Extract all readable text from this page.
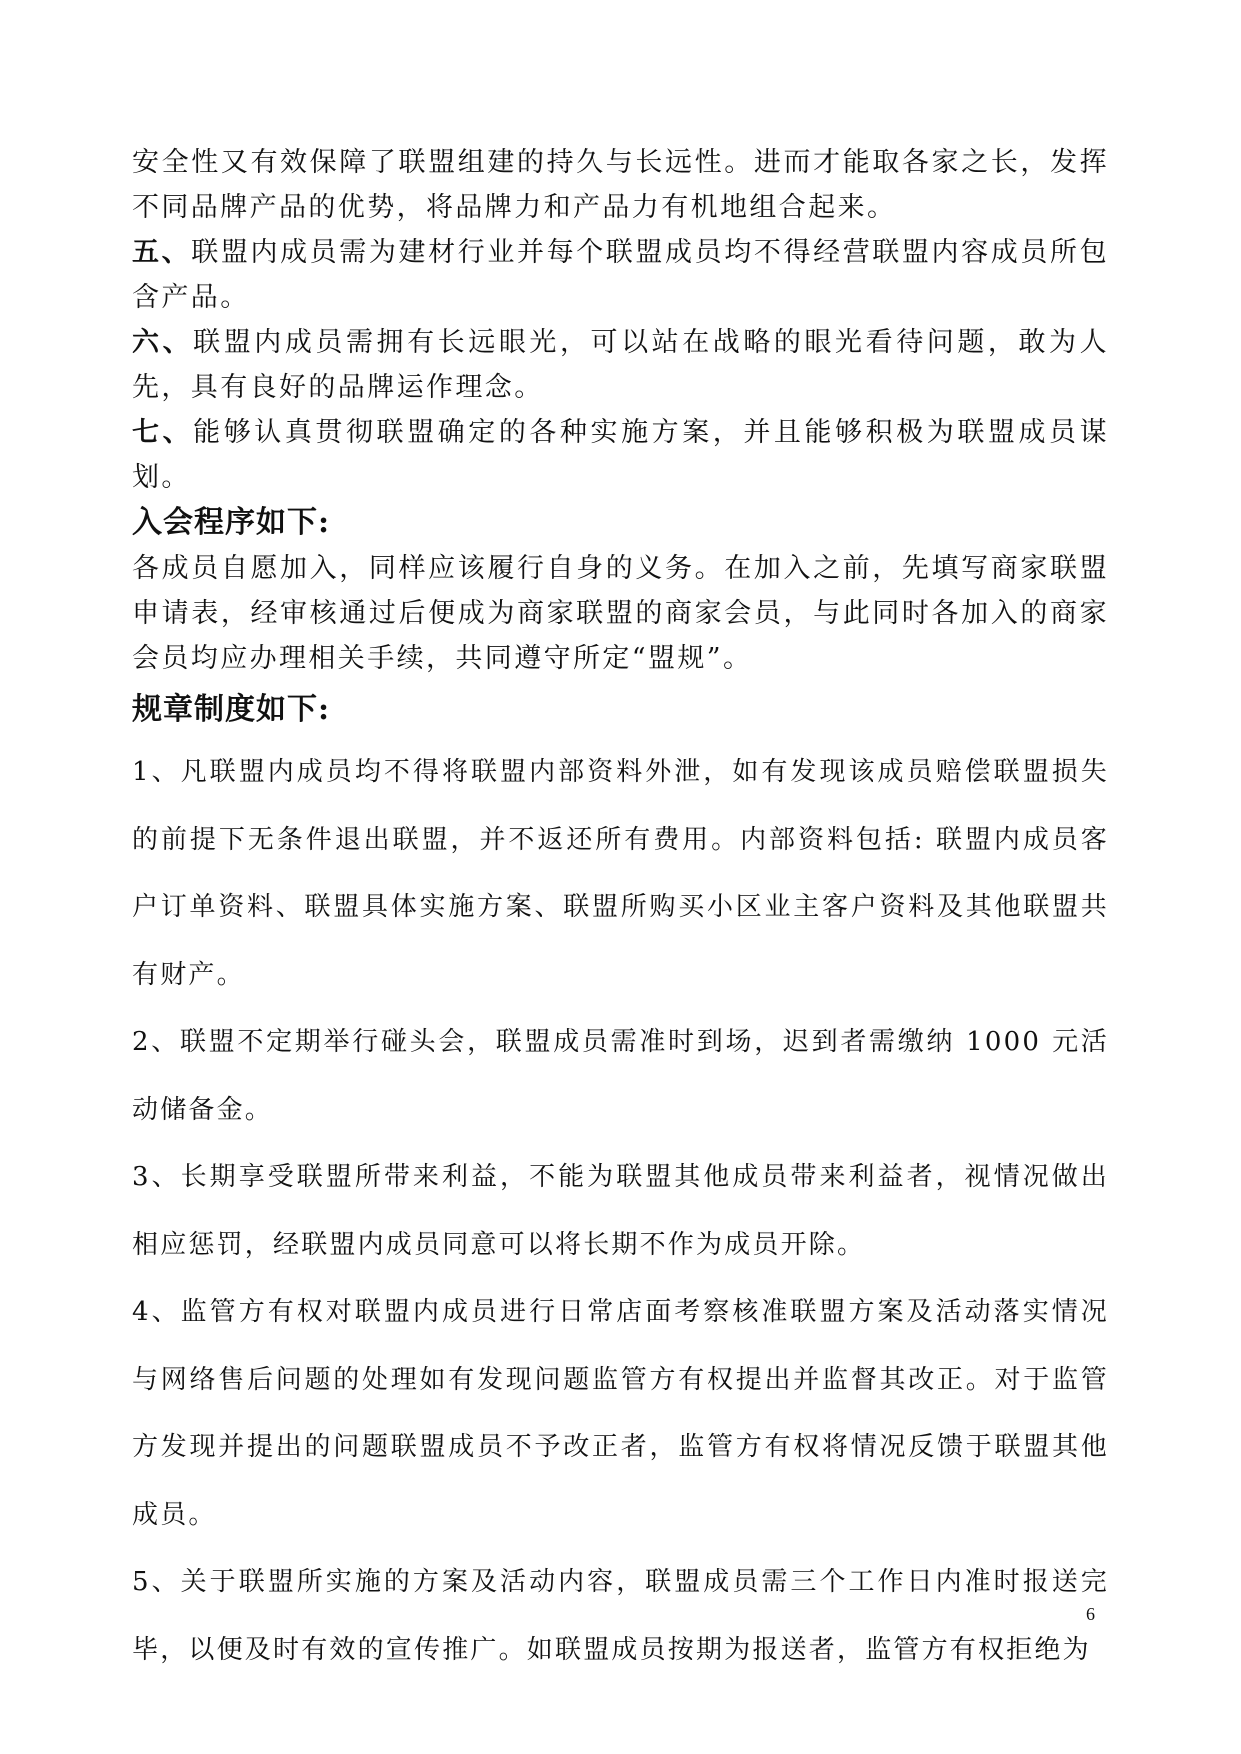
安全性又有效保障了联盟组建的持久与长远性。进而才能取各家之长，发挥不同品牌产品的优势，将品牌力和产品力有机地组合起来。

五、联盟内成员需为建材行业并每个联盟成员均不得经营联盟内容成员所包含产品。

六、联盟内成员需拥有长远眼光，可以站在战略的眼光看待问题，敢为人先，具有良好的品牌运作理念。

七、能够认真贯彻联盟确定的各种实施方案，并且能够积极为联盟成员谋划。

入会程序如下:

各成员自愿加入，同样应该履行自身的义务。在加入之前，先填写商家联盟申请表，经审核通过后便成为商家联盟的商家会员，与此同时各加入的商家会员均应办理相关手续，共同遵守所定“盟规”。

规章制度如下:

1、凡联盟内成员均不得将联盟内部资料外泄，如有发现该成员赔偿联盟损失的前提下无条件退出联盟，并不返还所有费用。内部资料包括: 联盟内成员客户订单资料、联盟具体实施方案、联盟所购买小区业主客户资料及其他联盟共有财产。

2、联盟不定期举行碰头会，联盟成员需准时到场，迟到者需缴纳 1000 元活动储备金。

3、长期享受联盟所带来利益，不能为联盟其他成员带来利益者，视情况做出相应惩罚，经联盟内成员同意可以将长期不作为成员开除。

4、监管方有权对联盟内成员进行日常店面考察核准联盟方案及活动落实情况与网络售后问题的处理如有发现问题监管方有权提出并监督其改正。对于监管方发现并提出的问题联盟成员不予改正者，监管方有权将情况反馈于联盟其他成员。

5、关于联盟所实施的方案及活动内容，联盟成员需三个工作日内准时报送完毕，以便及时有效的宣传推广。如联盟成员按期为报送者，监管方有权拒绝为

6
